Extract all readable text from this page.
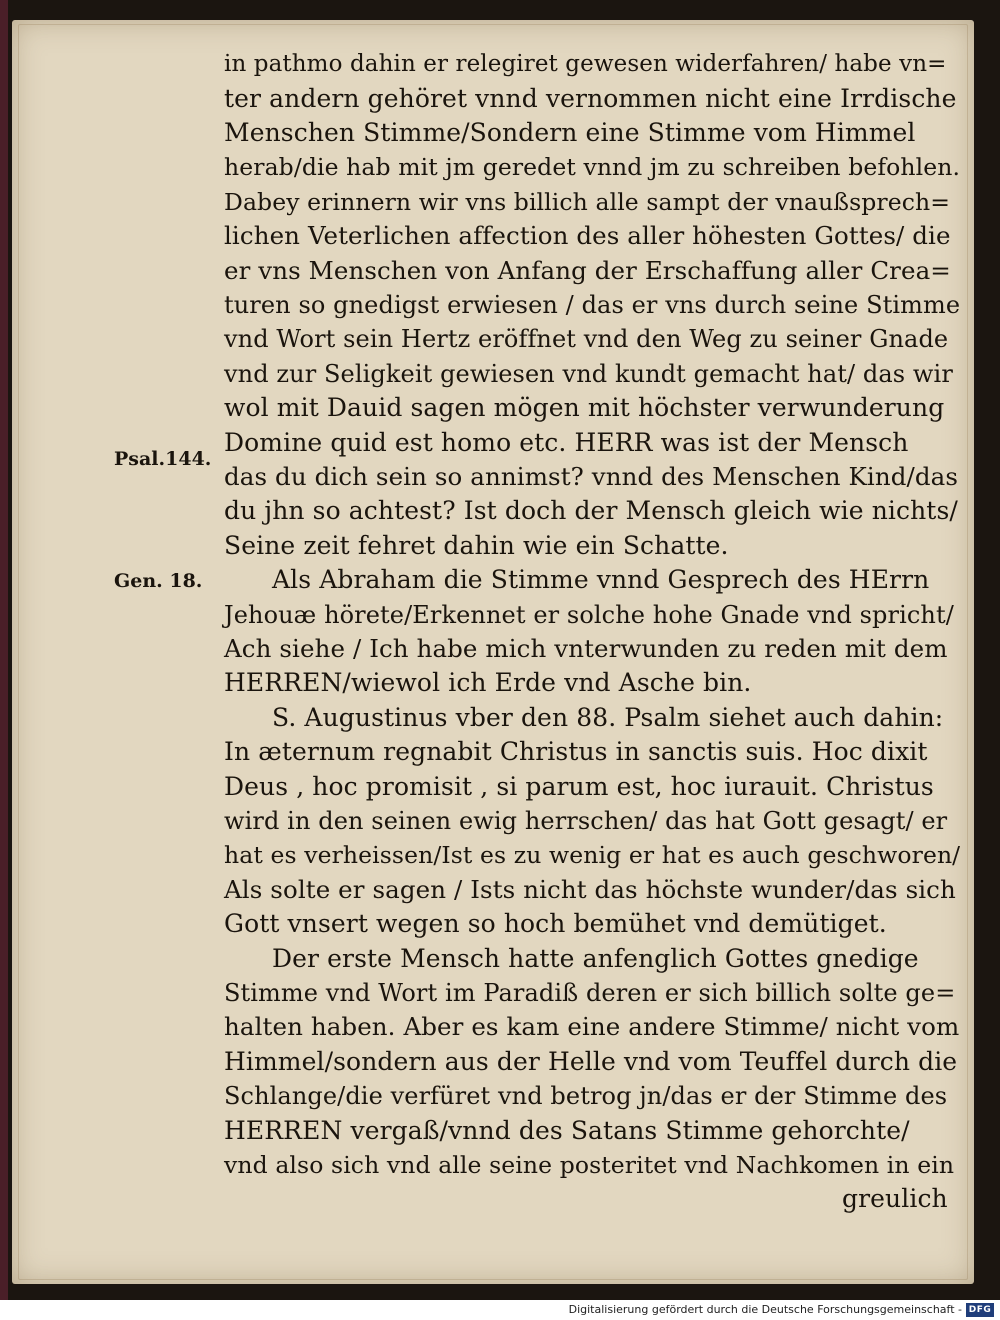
in pathmo dahin er relegiret gewesen widerfahren/ habe vn=
ter andern gehöret vnnd vernommen nicht eine Irrdische
Menschen Stimme/Sondern eine Stimme vom Himmel
herab/die hab mit jm geredet vnnd jm zu schreiben befohlen.
Dabey erinnern wir vns billich alle sampt der vnaußsprech=
lichen Veterlichen affection des aller höhesten Gottes/ die
er vns Menschen von Anfang der Erschaffung aller Crea=
turen so gnedigst erwiesen / das er vns durch seine Stimme
vnd Wort sein Hertz eröffnet vnd den Weg zu seiner Gnade
vnd zur Seligkeit gewiesen vnd kundt gemacht hat/ das wir
wol mit Dauid sagen mögen mit höchster verwunderung
Domine quid est homo etc. HERR was ist der Mensch
das du dich sein so annimst? vnnd des Menschen Kind/das
du jhn so achtest? Ist doch der Mensch gleich wie nichts/
Seine zeit fehret dahin wie ein Schatte.
Als Abraham die Stimme vnnd Gesprech des HErrn
Jehouæ hörete/Erkennet er solche hohe Gnade vnd spricht/
Ach siehe / Ich habe mich vnterwunden zu reden mit dem
HERREN/wiewol ich Erde vnd Asche bin.
S. Augustinus vber den 88. Psalm siehet auch dahin:
In æternum regnabit Christus in sanctis suis. Hoc dixit
Deus , hoc promisit , si parum est, hoc iurauit. Christus
wird in den seinen ewig herrschen/ das hat Gott gesagt/ er
hat es verheissen/Ist es zu wenig er hat es auch geschworen/
Als solte er sagen / Ists nicht das höchste wunder/das sich
Gott vnsert wegen so hoch bemühet vnd demütiget.
Der erste Mensch hatte anfenglich Gottes gnedige
Stimme vnd Wort im Paradiß deren er sich billich solte ge=
halten haben. Aber es kam eine andere Stimme/ nicht vom
Himmel/sondern aus der Helle vnd vom Teuffel durch die
Schlange/die verfüret vnd betrog jn/das er der Stimme des
HERREN vergaß/vnnd des Satans Stimme gehorchte/
vnd also sich vnd alle seine posteritet vnd Nachkomen in ein
greulich
Psal.144.
Gen. 18.
Digitalisierung gefördert durch die Deutsche Forschungsgemeinschaft - DFG
